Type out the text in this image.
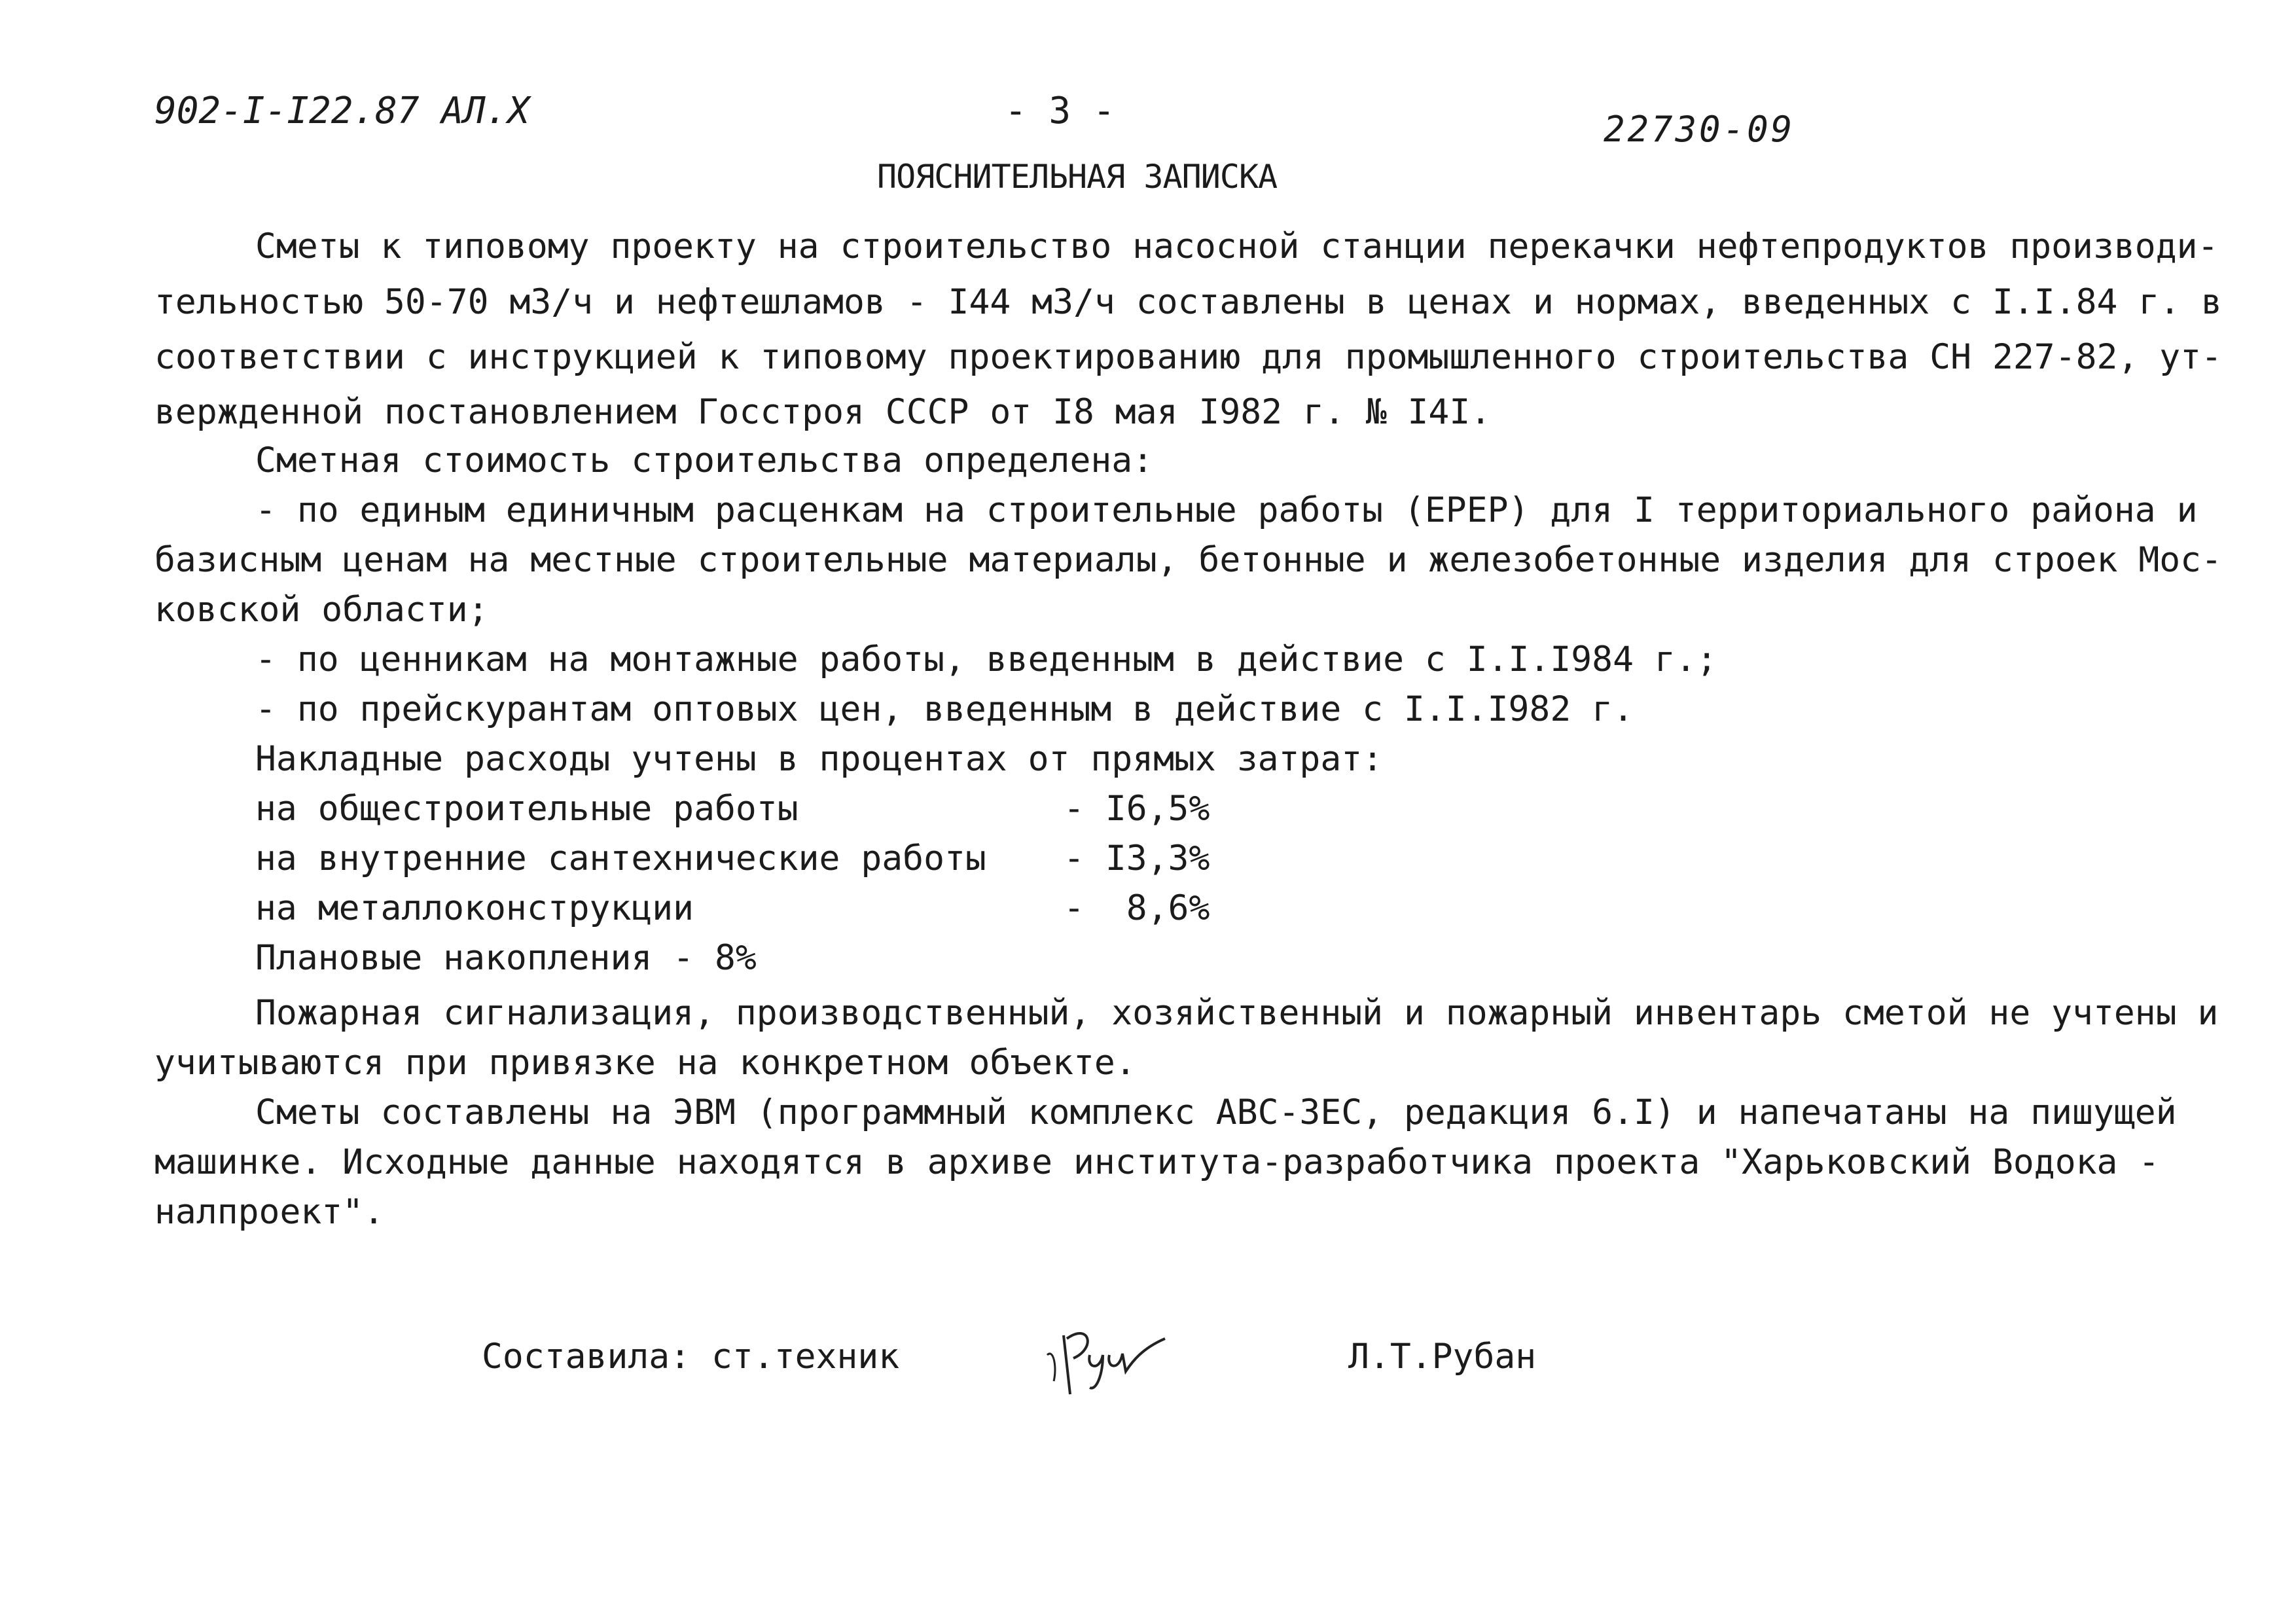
902-I-I22.87 АЛ.X	- 3 -	22730-09
ПОЯСНИТЕЛЬНАЯ ЗАПИСКА
Сметы к типовому проекту на строительство насосной станции перекачки нефтепродуктов производи-
тельностью 50-70 м3/ч и нефтешламов - I44 м3/ч составлены в ценах и нормах, введенных с I.I.84 г. в
соответствии с инструкцией к типовому проектированию для промышленного строительства СН 227-82, ут-
вержденной постановлением Госстроя СССР от I8 мая I982 г. № I4I.
Сметная стоимость строительства определена:
- по единым единичным расценкам на строительные работы (ЕРЕР) для I территориального района и
базисным ценам на местные строительные материалы, бетонные и железобетонные изделия для строек Мос-
ковской области;
- по ценникам на монтажные работы, введенным в действие с I.I.I984 г.;
- по прейскурантам оптовых цен, введенным в действие с I.I.I982 г.
Накладные расходы учтены в процентах от прямых затрат:
на общестроительные работы	- I6,5%
на внутренние сантехнические работы - I3,3%
на металлоконструкции	-  8,6%
Плановые накопления - 8%
Пожарная сигнализация, производственный, хозяйственный и пожарный инвентарь сметой не учтены и
учитываются при привязке на конкретном объекте.
Сметы составлены на ЭВМ (программный комплекс АВС-ЗЕС, редакция 6.I) и напечатаны на пишущей
машинке. Исходные данные находятся в архиве института-разработчика проекта "Харьковский Водока -
налпроект".
Составила: ст.техник	Л.Т.Рубан
